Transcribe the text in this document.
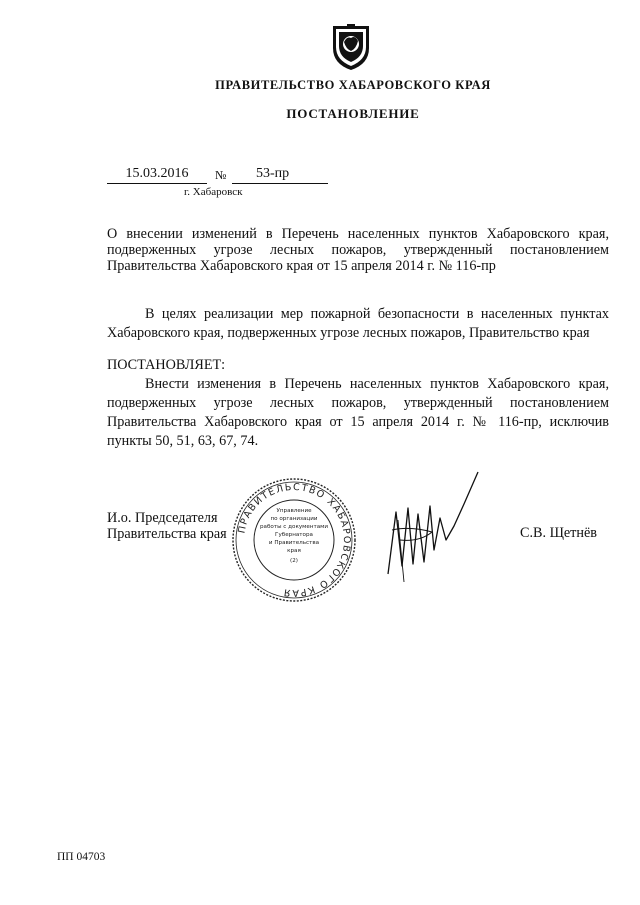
ПРАВИТЕЛЬСТВО ХАБАРОВСКОГО КРАЯ
ПОСТАНОВЛЕНИЕ
15.03.2016	№	53-пр
г. Хабаровск
О внесении изменений в Перечень населенных пунктов Хабаровского края, подверженных угрозе лесных пожаров, утвержденный постановлением Правительства Хабаровского края от 15 апреля 2014 г. № 116-пр
В целях реализации мер пожарной безопасности в населенных пунктах Хабаровского края, подверженных угрозе лесных пожаров, Правительство края
ПОСТАНОВЛЯЕТ:
Внести изменения в Перечень населенных пунктов Хабаровского края, подверженных угрозе лесных пожаров, утвержденный постановлением Правительства Хабаровского края от 15 апреля 2014 г. № 116-пр, исключив пункты 50, 51, 63, 67, 74.
И.о. Председателя
Правительства края ПРАВИТЕЛЬСТВО ХАБАРОВСКОГО КРАЯ
Управление
по организации
работы с документами
Губернатора
и Правительства
края
(2)
С.В. Щетнёв
ПП 04703
